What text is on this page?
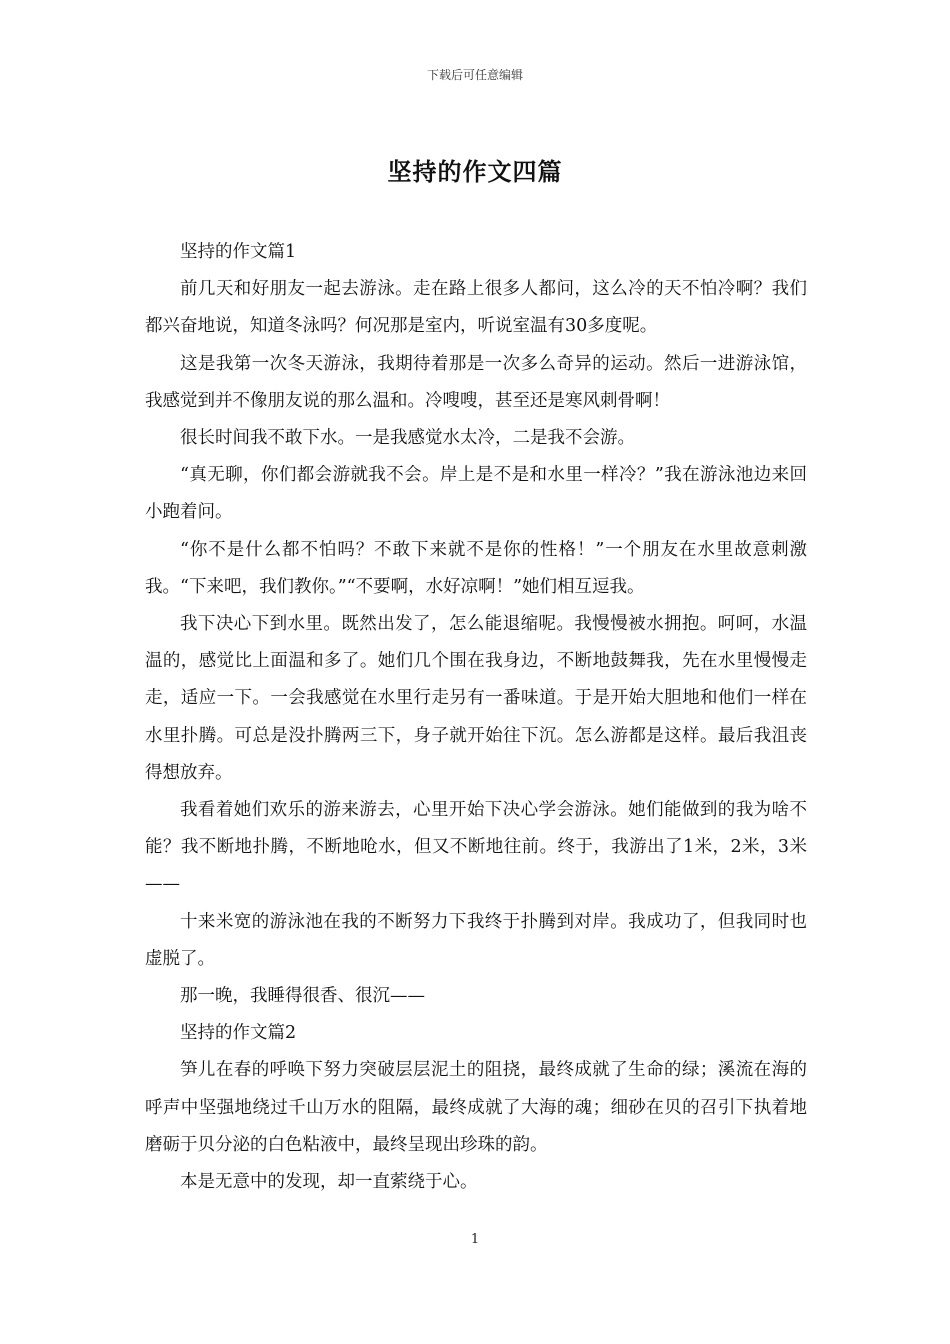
下载后可任意编辑
坚持的作文四篇

坚持的作文篇1

前几天和好朋友一起去游泳。走在路上很多人都问，这么冷的天不怕冷啊？我们都兴奋地说，知道冬泳吗？何况那是室内，听说室温有30多度呢。

这是我第一次冬天游泳，我期待着那是一次多么奇异的运动。然后一进游泳馆，我感觉到并不像朋友说的那么温和。冷嗖嗖，甚至还是寒风刺骨啊！

很长时间我不敢下水。一是我感觉水太冷，二是我不会游。

“真无聊，你们都会游就我不会。岸上是不是和水里一样冷？”我在游泳池边来回小跑着问。

“你不是什么都不怕吗？不敢下来就不是你的性格！”一个朋友在水里故意刺激我。“下来吧，我们教你。”“不要啊，水好凉啊！”她们相互逗我。

我下决心下到水里。既然出发了，怎么能退缩呢。我慢慢被水拥抱。呵呵，水温温的，感觉比上面温和多了。她们几个围在我身边，不断地鼓舞我，先在水里慢慢走走，适应一下。一会我感觉在水里行走另有一番味道。于是开始大胆地和他们一样在水里扑腾。可总是没扑腾两三下，身子就开始往下沉。怎么游都是这样。最后我沮丧得想放弃。

我看着她们欢乐的游来游去，心里开始下决心学会游泳。她们能做到的我为啥不能？我不断地扑腾，不断地呛水，但又不断地往前。终于，我游出了1米，2米，3米——

十来米宽的游泳池在我的不断努力下我终于扑腾到对岸。我成功了，但我同时也虚脱了。

那一晚，我睡得很香、很沉——

坚持的作文篇2

笋儿在春的呼唤下努力突破层层泥土的阻挠，最终成就了生命的绿；溪流在海的呼声中坚强地绕过千山万水的阻隔，最终成就了大海的魂；细砂在贝的召引下执着地磨砺于贝分泌的白色粘液中，最终呈现出珍珠的韵。

本是无意中的发现，却一直萦绕于心。

1
